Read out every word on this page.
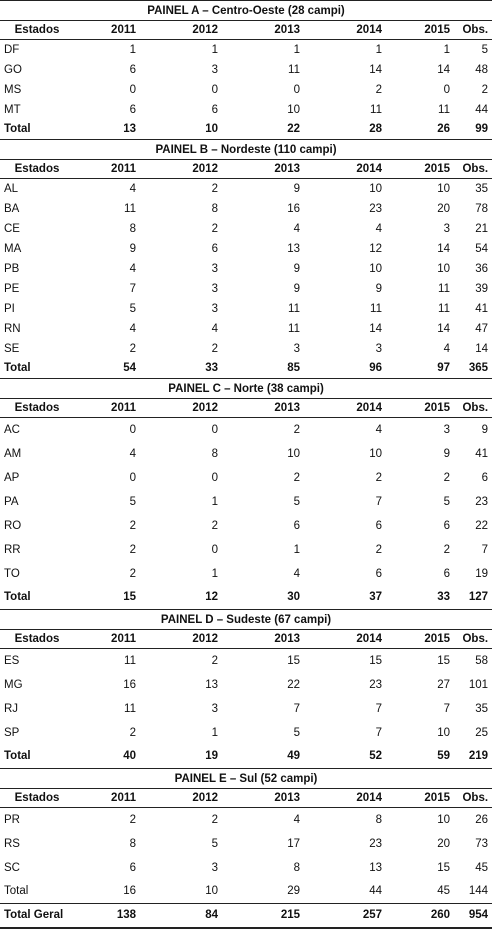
PAINEL A – Centro-Oeste (28 campi)						
Estados	2011	2012	2013	2014	2015	Obs.
DF	1	1	1	1	1	5
GO	6	3	11	14	14	48
MS	0	0	0	2	0	2
MT	6	6	10	11	11	44
Total	13	10	22	28	26	99
PAINEL B – Nordeste (110 campi)						
Estados	2011	2012	2013	2014	2015	Obs.
AL	4	2	9	10	10	35
BA	11	8	16	23	20	78
CE	8	2	4	4	3	21
MA	9	6	13	12	14	54
PB	4	3	9	10	10	36
PE	7	3	9	9	11	39
PI	5	3	11	11	11	41
RN	4	4	11	14	14	47
SE	2	2	3	3	4	14
Total	54	33	85	96	97	365
PAINEL C – Norte (38 campi)						
Estados	2011	2012	2013	2014	2015	Obs.
AC	0	0	2	4	3	9
AM	4	8	10	10	9	41
AP	0	0	2	2	2	6
PA	5	1	5	7	5	23
RO	2	2	6	6	6	22
RR	2	0	1	2	2	7
TO	2	1	4	6	6	19
Total	15	12	30	37	33	127
PAINEL D – Sudeste (67 campi)						
Estados	2011	2012	2013	2014	2015	Obs.
ES	11	2	15	15	15	58
MG	16	13	22	23	27	101
RJ	11	3	7	7	7	35
SP	2	1	5	7	10	25
Total	40	19	49	52	59	219
PAINEL E – Sul (52 campi)						
Estados	2011	2012	2013	2014	2015	Obs.
PR	2	2	4	8	10	26
RS	8	5	17	23	20	73
SC	6	3	8	13	15	45
Total	16	10	29	44	45	144
Total Geral	138	84	215	257	260	954
